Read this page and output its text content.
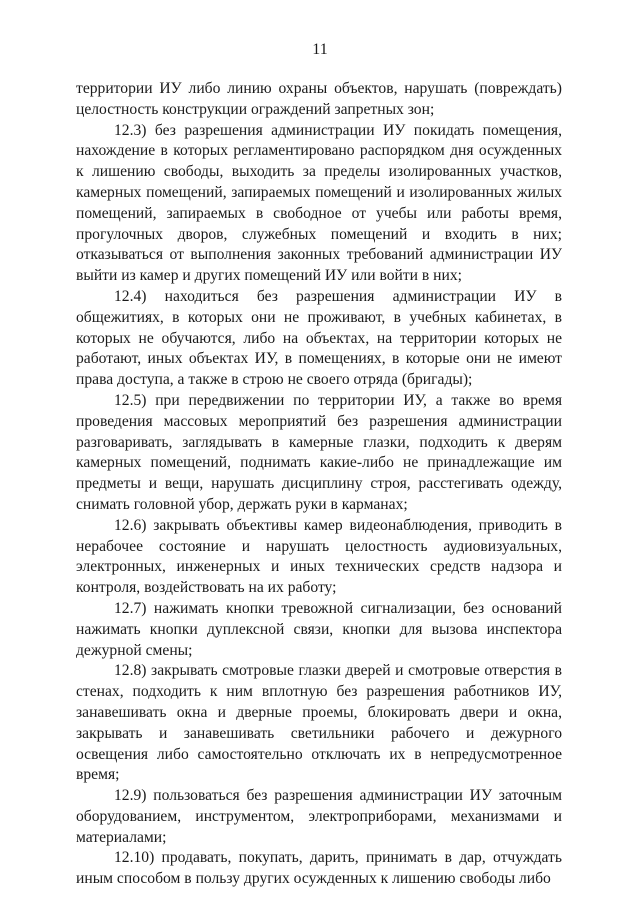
11

территории ИУ либо линию охраны объектов, нарушать (повреждать) целостность конструкции ограждений запретных зон;

12.3) без разрешения администрации ИУ покидать помещения, нахождение в которых регламентировано распорядком дня осужденных к лишению свободы, выходить за пределы изолированных участков, камерных помещений, запираемых помещений и изолированных жилых помещений, запираемых в свободное от учебы или работы время, прогулочных дворов, служебных помещений и входить в них; отказываться от выполнения законных требований администрации ИУ выйти из камер и других помещений ИУ или войти в них;

12.4) находиться без разрешения администрации ИУ в общежитиях, в которых они не проживают, в учебных кабинетах, в которых не обучаются, либо на объектах, на территории которых не работают, иных объектах ИУ, в помещениях, в которые они не имеют права доступа, а также в строю не своего отряда (бригады);

12.5) при передвижении по территории ИУ, а также во время проведения массовых мероприятий без разрешения администрации разговаривать, заглядывать в камерные глазки, подходить к дверям камерных помещений, поднимать какие-либо не принадлежащие им предметы и вещи, нарушать дисциплину строя, расстегивать одежду, снимать головной убор, держать руки в карманах;

12.6) закрывать объективы камер видеонаблюдения, приводить в нерабочее состояние и нарушать целостность аудиовизуальных, электронных, инженерных и иных технических средств надзора и контроля, воздействовать на их работу;

12.7) нажимать кнопки тревожной сигнализации, без оснований нажимать кнопки дуплексной связи, кнопки для вызова инспектора дежурной смены;

12.8) закрывать смотровые глазки дверей и смотровые отверстия в стенах, подходить к ним вплотную без разрешения работников ИУ, занавешивать окна и дверные проемы, блокировать двери и окна, закрывать и занавешивать светильники рабочего и дежурного освещения либо самостоятельно отключать их в непредусмотренное время;

12.9) пользоваться без разрешения администрации ИУ заточным оборудованием, инструментом, электроприборами, механизмами и материалами;

12.10) продавать, покупать, дарить, принимать в дар, отчуждать иным способом в пользу других осужденных к лишению свободы либо
